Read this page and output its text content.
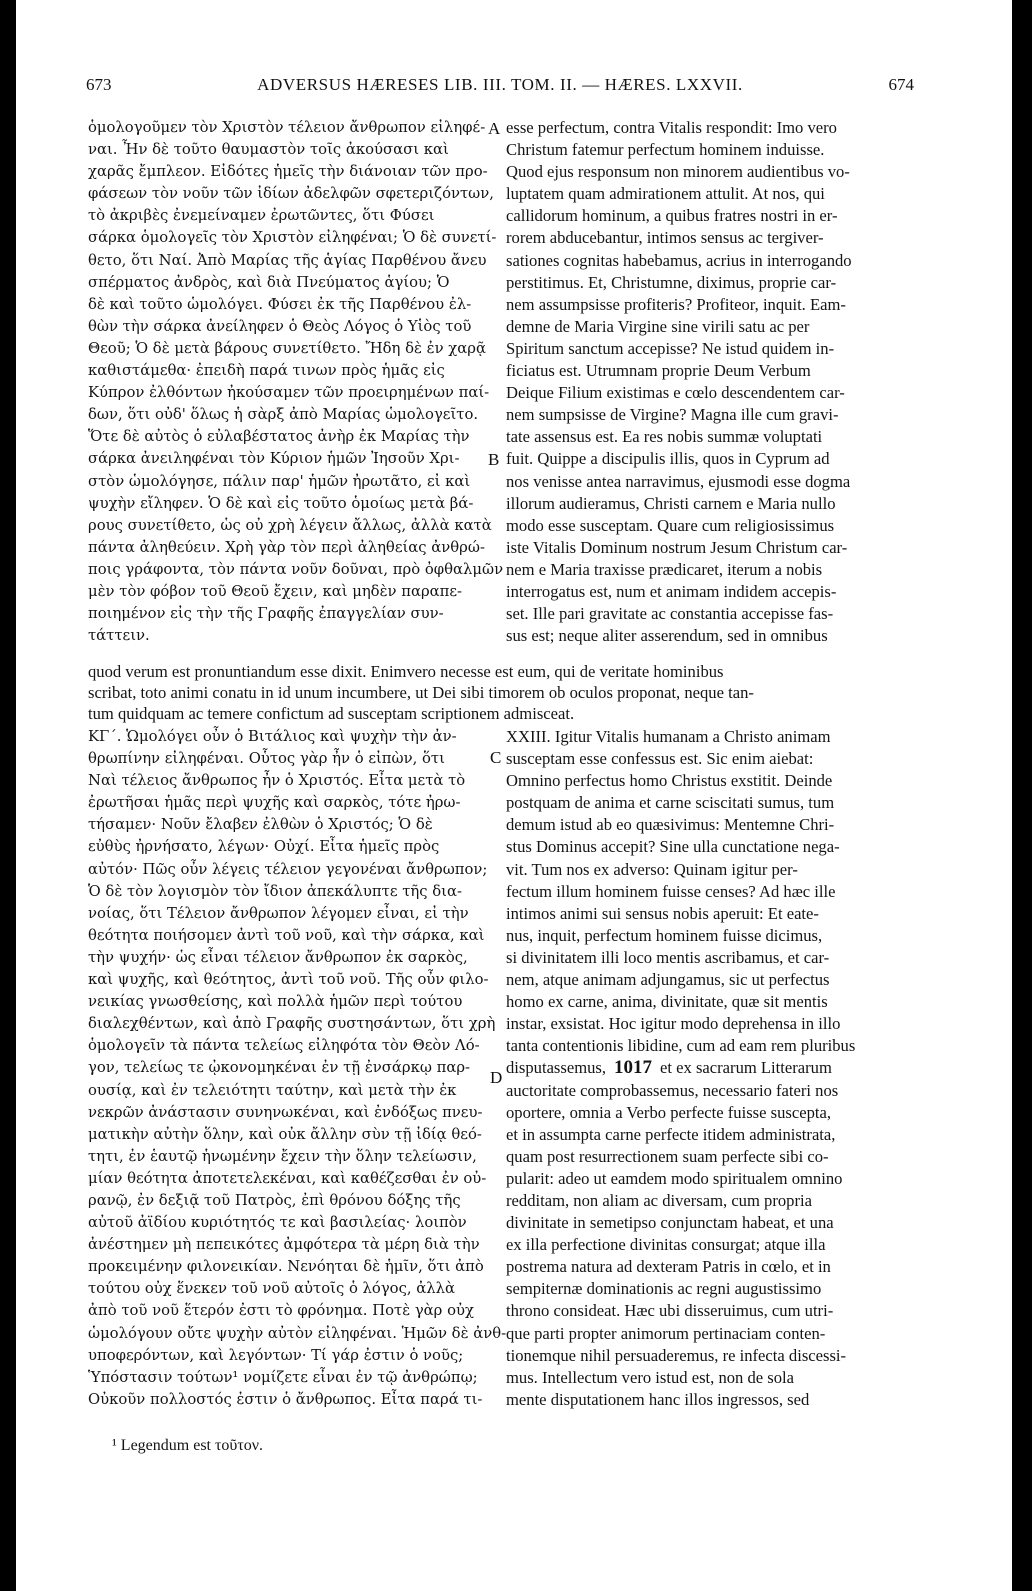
673	ADVERSUS HÆRESES LIB. III. TOM. II. — HÆRES. LXXVII.	674
ὁμολογοῦμεν τὸν Χριστὸν τέλειον ἄνθρωπον εἰληφέ-
ναι. Ἦν δὲ τοῦτο θαυμαστὸν τοῖς ἀκούσασι καὶ
χαρᾶς ἔμπλεον. Εἰδότες ἡμεῖς τὴν διάνοιαν τῶν προ-
φάσεων τὸν νοῦν τῶν ἰδίων ἀδελφῶν σφετεριζόντων,
τὸ ἀκριβὲς ἐνεμείναμεν ἐρωτῶντες, ὅτι Φύσει
σάρκα ὁμολογεῖς τὸν Χριστὸν εἰληφέναι; Ὁ δὲ συνετί-
θετο, ὅτι Ναί. Ἀπὸ Μαρίας τῆς ἁγίας Παρθένου ἄνευ
σπέρματος ἀνδρὸς, καὶ διὰ Πνεύματος ἁγίου; Ὁ
δὲ καὶ τοῦτο ὡμολόγει. Φύσει ἐκ τῆς Παρθένου ἐλ-
θὼν τὴν σάρκα ἀνείληφεν ὁ Θεὸς Λόγος ὁ Υἱὸς τοῦ
Θεοῦ; Ὁ δὲ μετὰ βάρους συνετίθετο. Ἤδη δὲ ἐν χαρᾷ
καθιστάμεθα· ἐπειδὴ παρά τινων πρὸς ἡμᾶς εἰς
Κύπρον ἐλθόντων ἠκούσαμεν τῶν προειρημένων παί-
δων, ὅτι οὐδ' ὅλως ἡ σὰρξ ἀπὸ Μαρίας ὡμολογεῖτο.
Ὅτε δὲ αὐτὸς ὁ εὐλαβέστατος ἀνὴρ ἐκ Μαρίας τὴν
σάρκα ἀνειληφέναι τὸν Κύριον ἡμῶν Ἰησοῦν Χρι-
στὸν ὡμολόγησε, πάλιν παρ' ἡμῶν ἠρωτᾶτο, εἰ καὶ
ψυχὴν εἴληφεν. Ὁ δὲ καὶ εἰς τοῦτο ὁμοίως μετὰ βά-
ρους συνετίθετο, ὡς οὐ χρὴ λέγειν ἄλλως, ἀλλὰ κατὰ
πάντα ἀληθεύειν. Χρὴ γὰρ τὸν περὶ ἀληθείας ἀνθρώ-
ποις γράφοντα, τὸν πάντα νοῦν δοῦναι, πρὸ ὀφθαλμῶν
μὲν τὸν φόβον τοῦ Θεοῦ ἔχειν, καὶ μηδὲν παραπε-
ποιημένον εἰς τὴν τῆς Γραφῆς ἐπαγγελίαν συν-
τάττειν.
esse perfectum, contra Vitalis respondit: Imo vero
Christum fatemur perfectum hominem induisse.
Quod ejus responsum non minorem audientibus vo-
luptatem quam admirationem attulit. At nos, qui
callidorum hominum, a quibus fratres nostri in er-
rorem abducebantur, intimos sensus ac tergiver-
sationes cognitas habebamus, acrius in interrogando
perstitimus. Et, Christumne, diximus, proprie car-
nem assumpsisse profiteris? Profiteor, inquit. Eam-
demne de Maria Virgine sine virili satu ac per
Spiritum sanctum accepisse? Ne istud quidem in-
ficiatus est. Utrumnam proprie Deum Verbum
Deique Filium existimas e cœlo descendentem car-
nem sumpsisse de Virgine? Magna ille cum gravi-
tate assensus est. Ea res nobis summæ voluptati
fuit. Quippe a discipulis illis, quos in Cyprum ad
nos venisse antea narravimus, ejusmodi esse dogma
illorum audieramus, Christi carnem e Maria nullo
modo esse susceptam. Quare cum religiosissimus
iste Vitalis Dominum nostrum Jesum Christum car-
nem e Maria traxisse prædicaret, iterum a nobis
interrogatus est, num et animam indidem accepis-
set. Ille pari gravitate ac constantia accepisse fas-
sus est; neque aliter asserendum, sed in omnibus
A
B
quod verum est pronuntiandum esse dixit. Enimvero necesse est eum, qui de veritate hominibus
scribat, toto animi conatu in id unum incumbere, ut Dei sibi timorem ob oculos proponat, neque tan-
tum quidquam ac temere confictum ad susceptam scriptionem admisceat.
ΚΓ΄. Ὡμολόγει οὖν ὁ Βιτάλιος καὶ ψυχὴν τὴν ἀν-
θρωπίνην εἰληφέναι. Οὗτος γὰρ ἦν ὁ εἰπὼν, ὅτι
Ναὶ τέλειος ἄνθρωπος ἦν ὁ Χριστός. Εἶτα μετὰ τὸ
ἐρωτῆσαι ἡμᾶς περὶ ψυχῆς καὶ σαρκὸς, τότε ἠρω-
τήσαμεν· Νοῦν ἔλαβεν ἐλθὼν ὁ Χριστός; Ὁ δὲ
εὐθὺς ἠρνήσατο, λέγων· Οὐχί. Εἶτα ἡμεῖς πρὸς
αὐτόν· Πῶς οὖν λέγεις τέλειον γεγονέναι ἄνθρωπον;
Ὁ δὲ τὸν λογισμὸν τὸν ἴδιον ἀπεκάλυπτε τῆς δια-
νοίας, ὅτι Τέλειον ἄνθρωπον λέγομεν εἶναι, εἰ τὴν
θεότητα ποιήσομεν ἀντὶ τοῦ νοῦ, καὶ τὴν σάρκα, καὶ
τὴν ψυχήν· ὡς εἶναι τέλειον ἄνθρωπον ἐκ σαρκὸς,
καὶ ψυχῆς, καὶ θεότητος, ἀντὶ τοῦ νοῦ. Τῆς οὖν φιλο-
νεικίας γνωσθείσης, καὶ πολλὰ ἡμῶν περὶ τούτου
διαλεχθέντων, καὶ ἀπὸ Γραφῆς συστησάντων, ὅτι χρὴ
ὁμολογεῖν τὰ πάντα τελείως εἰληφότα τὸν Θεὸν Λό-
γον, τελείως τε ᾠκονομηκέναι ἐν τῇ ἐνσάρκῳ παρ-
ουσίᾳ, καὶ ἐν τελειότητι ταύτην, καὶ μετὰ τὴν ἐκ
νεκρῶν ἀνάστασιν συνηνωκέναι, καὶ ἐνδόξως πνευ-
ματικὴν αὐτὴν ὅλην, καὶ οὐκ ἄλλην σὺν τῇ ἰδίᾳ θεό-
τητι, ἐν ἑαυτῷ ἡνωμένην ἔχειν τὴν ὅλην τελείωσιν,
μίαν θεότητα ἀποτετελεκέναι, καὶ καθέζεσθαι ἐν οὐ-
ρανῷ, ἐν δεξιᾷ τοῦ Πατρὸς, ἐπὶ θρόνου δόξης τῆς
αὐτοῦ ἀϊδίου κυριότητός τε καὶ βασιλείας· λοιπὸν
ἀνέστημεν μὴ πεπεικότες ἀμφότερα τὰ μέρη διὰ τὴν
προκειμένην φιλονεικίαν. Νενόηται δὲ ἡμῖν, ὅτι ἀπὸ
τούτου οὐχ ἕνεκεν τοῦ νοῦ αὐτοῖς ὁ λόγος, ἀλλὰ
ἀπὸ τοῦ νοῦ ἕτερόν ἐστι τὸ φρόνημα. Ποτὲ γὰρ οὐχ
ὡμολόγουν οὔτε ψυχὴν αὐτὸν εἰληφέναι. Ἡμῶν δὲ ἀνθ-
υποφερόντων, καὶ λεγόντων· Τί γάρ ἐστιν ὁ νοῦς;
Ὑπόστασιν τούτων¹ νομίζετε εἶναι ἐν τῷ ἀνθρώπῳ;
Οὐκοῦν πολλοστός ἐστιν ὁ ἄνθρωπος. Εἶτα παρά τι-
XXIII. Igitur Vitalis humanam a Christo animam
susceptam esse confessus est. Sic enim aiebat:
Omnino perfectus homo Christus exstitit. Deinde
postquam de anima et carne sciscitati sumus, tum
demum istud ab eo quæsivimus: Mentemne Chri-
stus Dominus accepit? Sine ulla cunctatione nega-
vit. Tum nos ex adverso: Quinam igitur per-
fectum illum hominem fuisse censes? Ad hæc ille
intimos animi sui sensus nobis aperuit: Et eate-
nus, inquit, perfectum hominem fuisse dicimus,
si divinitatem illi loco mentis ascribamus, et car-
nem, atque animam adjungamus, sic ut perfectus
homo ex carne, anima, divinitate, quæ sit mentis
instar, exsistat. Hoc igitur modo deprehensa in illo
tanta contentionis libidine, cum ad eam rem pluribus
disputassemus, 1017 et ex sacrarum Litterarum
auctoritate comprobassemus, necessario fateri nos
oportere, omnia a Verbo perfecte fuisse suscepta,
et in assumpta carne perfecte itidem administrata,
quam post resurrectionem suam perfecte sibi co-
pularit: adeo ut eamdem modo spiritualem omnino
redditam, non aliam ac diversam, cum propria
divinitate in semetipso conjunctam habeat, et una
ex illa perfectione divinitas consurgat; atque illa
postrema natura ad dexteram Patris in cœlo, et in
sempiternæ dominationis ac regni augustissimo
throno consideat. Hæc ubi disseruimus, cum utri-
que parti propter animorum pertinaciam conten-
tionemque nihil persuaderemus, re infecta discessi-
mus. Intellectum vero istud est, non de sola
mente disputationem hanc illos ingressos, sed
C
D
¹ Legendum est τοῦτον.
